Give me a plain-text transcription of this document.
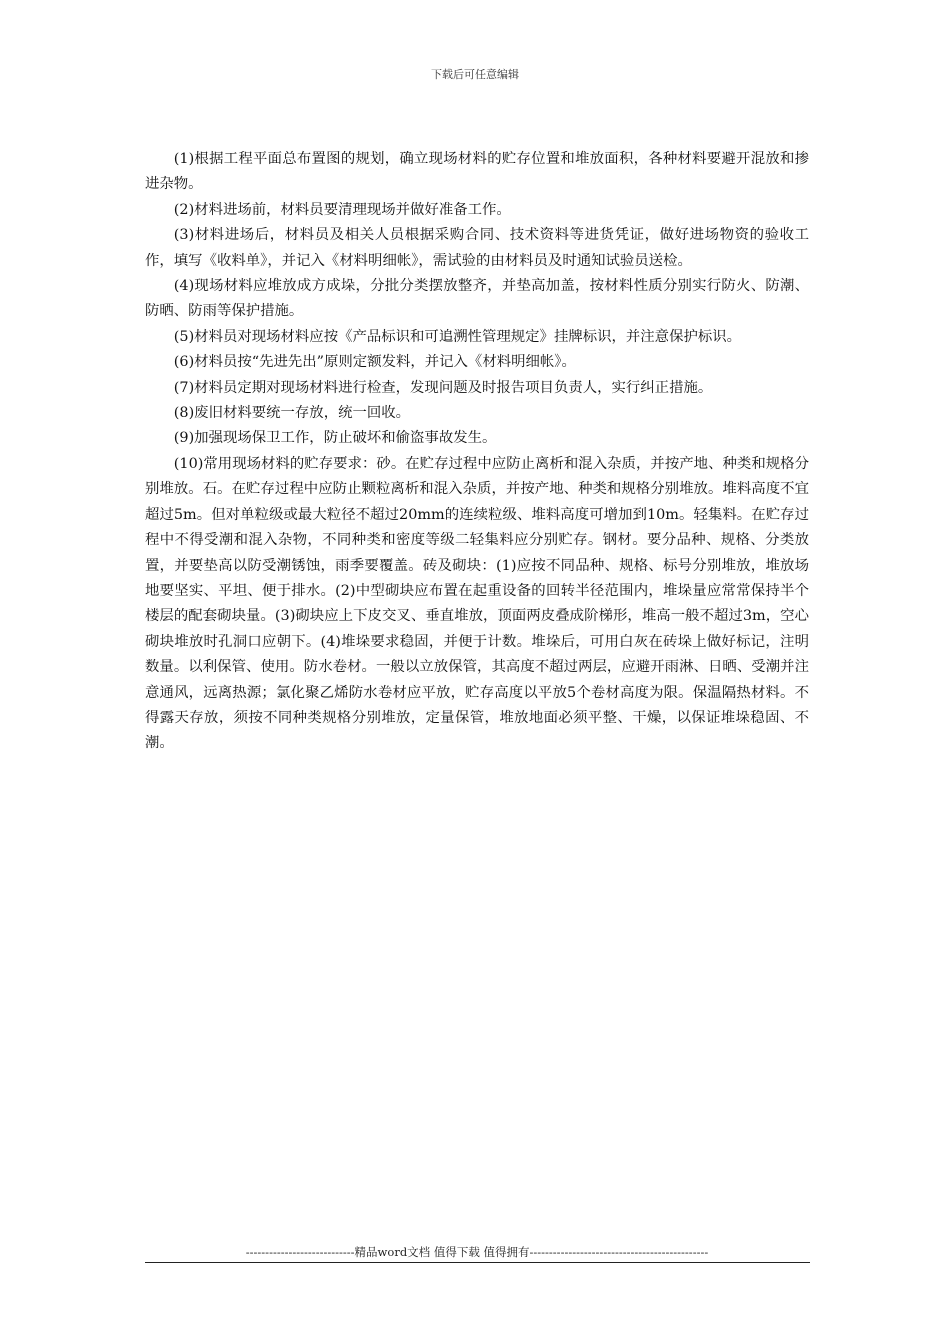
下载后可任意编辑

(1)根据工程平面总布置图的规划，确立现场材料的贮存位置和堆放面积，各种材料要避开混放和掺进杂物。

(2)材料进场前，材料员要清理现场并做好准备工作。

(3)材料进场后，材料员及相关人员根据采购合同、技术资料等进货凭证，做好进场物资的验收工作，填写《收料单》，并记入《材料明细帐》，需试验的由材料员及时通知试验员送检。

(4)现场材料应堆放成方成垛，分批分类摆放整齐，并垫高加盖，按材料性质分别实行防火、防潮、防晒、防雨等保护措施。

(5)材料员对现场材料应按《产品标识和可追溯性管理规定》挂牌标识，并注意保护标识。

(6)材料员按“先进先出”原则定额发料，并记入《材料明细帐》。

(7)材料员定期对现场材料进行检查，发现问题及时报告项目负责人，实行纠正措施。

(8)废旧材料要统一存放，统一回收。

(9)加强现场保卫工作，防止破坏和偷盗事故发生。

(10)常用现场材料的贮存要求：砂。在贮存过程中应防止离析和混入杂质，并按产地、种类和规格分别堆放。石。在贮存过程中应防止颗粒离析和混入杂质，并按产地、种类和规格分别堆放。堆料高度不宜超过5m。但对单粒级或最大粒径不超过20mm的连续粒级、堆料高度可增加到10m。轻集料。在贮存过程中不得受潮和混入杂物，不同种类和密度等级二轻集料应分别贮存。钢材。要分品种、规格、分类放置，并要垫高以防受潮锈蚀，雨季要覆盖。砖及砌块：(1)应按不同品种、规格、标号分别堆放，堆放场地要坚实、平坦、便于排水。(2)中型砌块应布置在起重设备的回转半径范围内，堆垛量应常常保持半个楼层的配套砌块量。(3)砌块应上下皮交叉、垂直堆放，顶面两皮叠成阶梯形，堆高一般不超过3m，空心砌块堆放时孔洞口应朝下。(4)堆垛要求稳固，并便于计数。堆垛后，可用白灰在砖垛上做好标记，注明数量。以利保管、使用。防水卷材。一般以立放保管，其高度不超过两层，应避开雨淋、日晒、受潮并注意通风，远离热源；氯化聚乙烯防水卷材应平放，贮存高度以平放5个卷材高度为限。保温隔热材料。不得露天存放，须按不同种类规格分别堆放，定量保管，堆放地面必须平整、干燥，以保证堆垛稳固、不潮。

----------------------------精品word文档 值得下载 值得拥有----------------------------------------------
